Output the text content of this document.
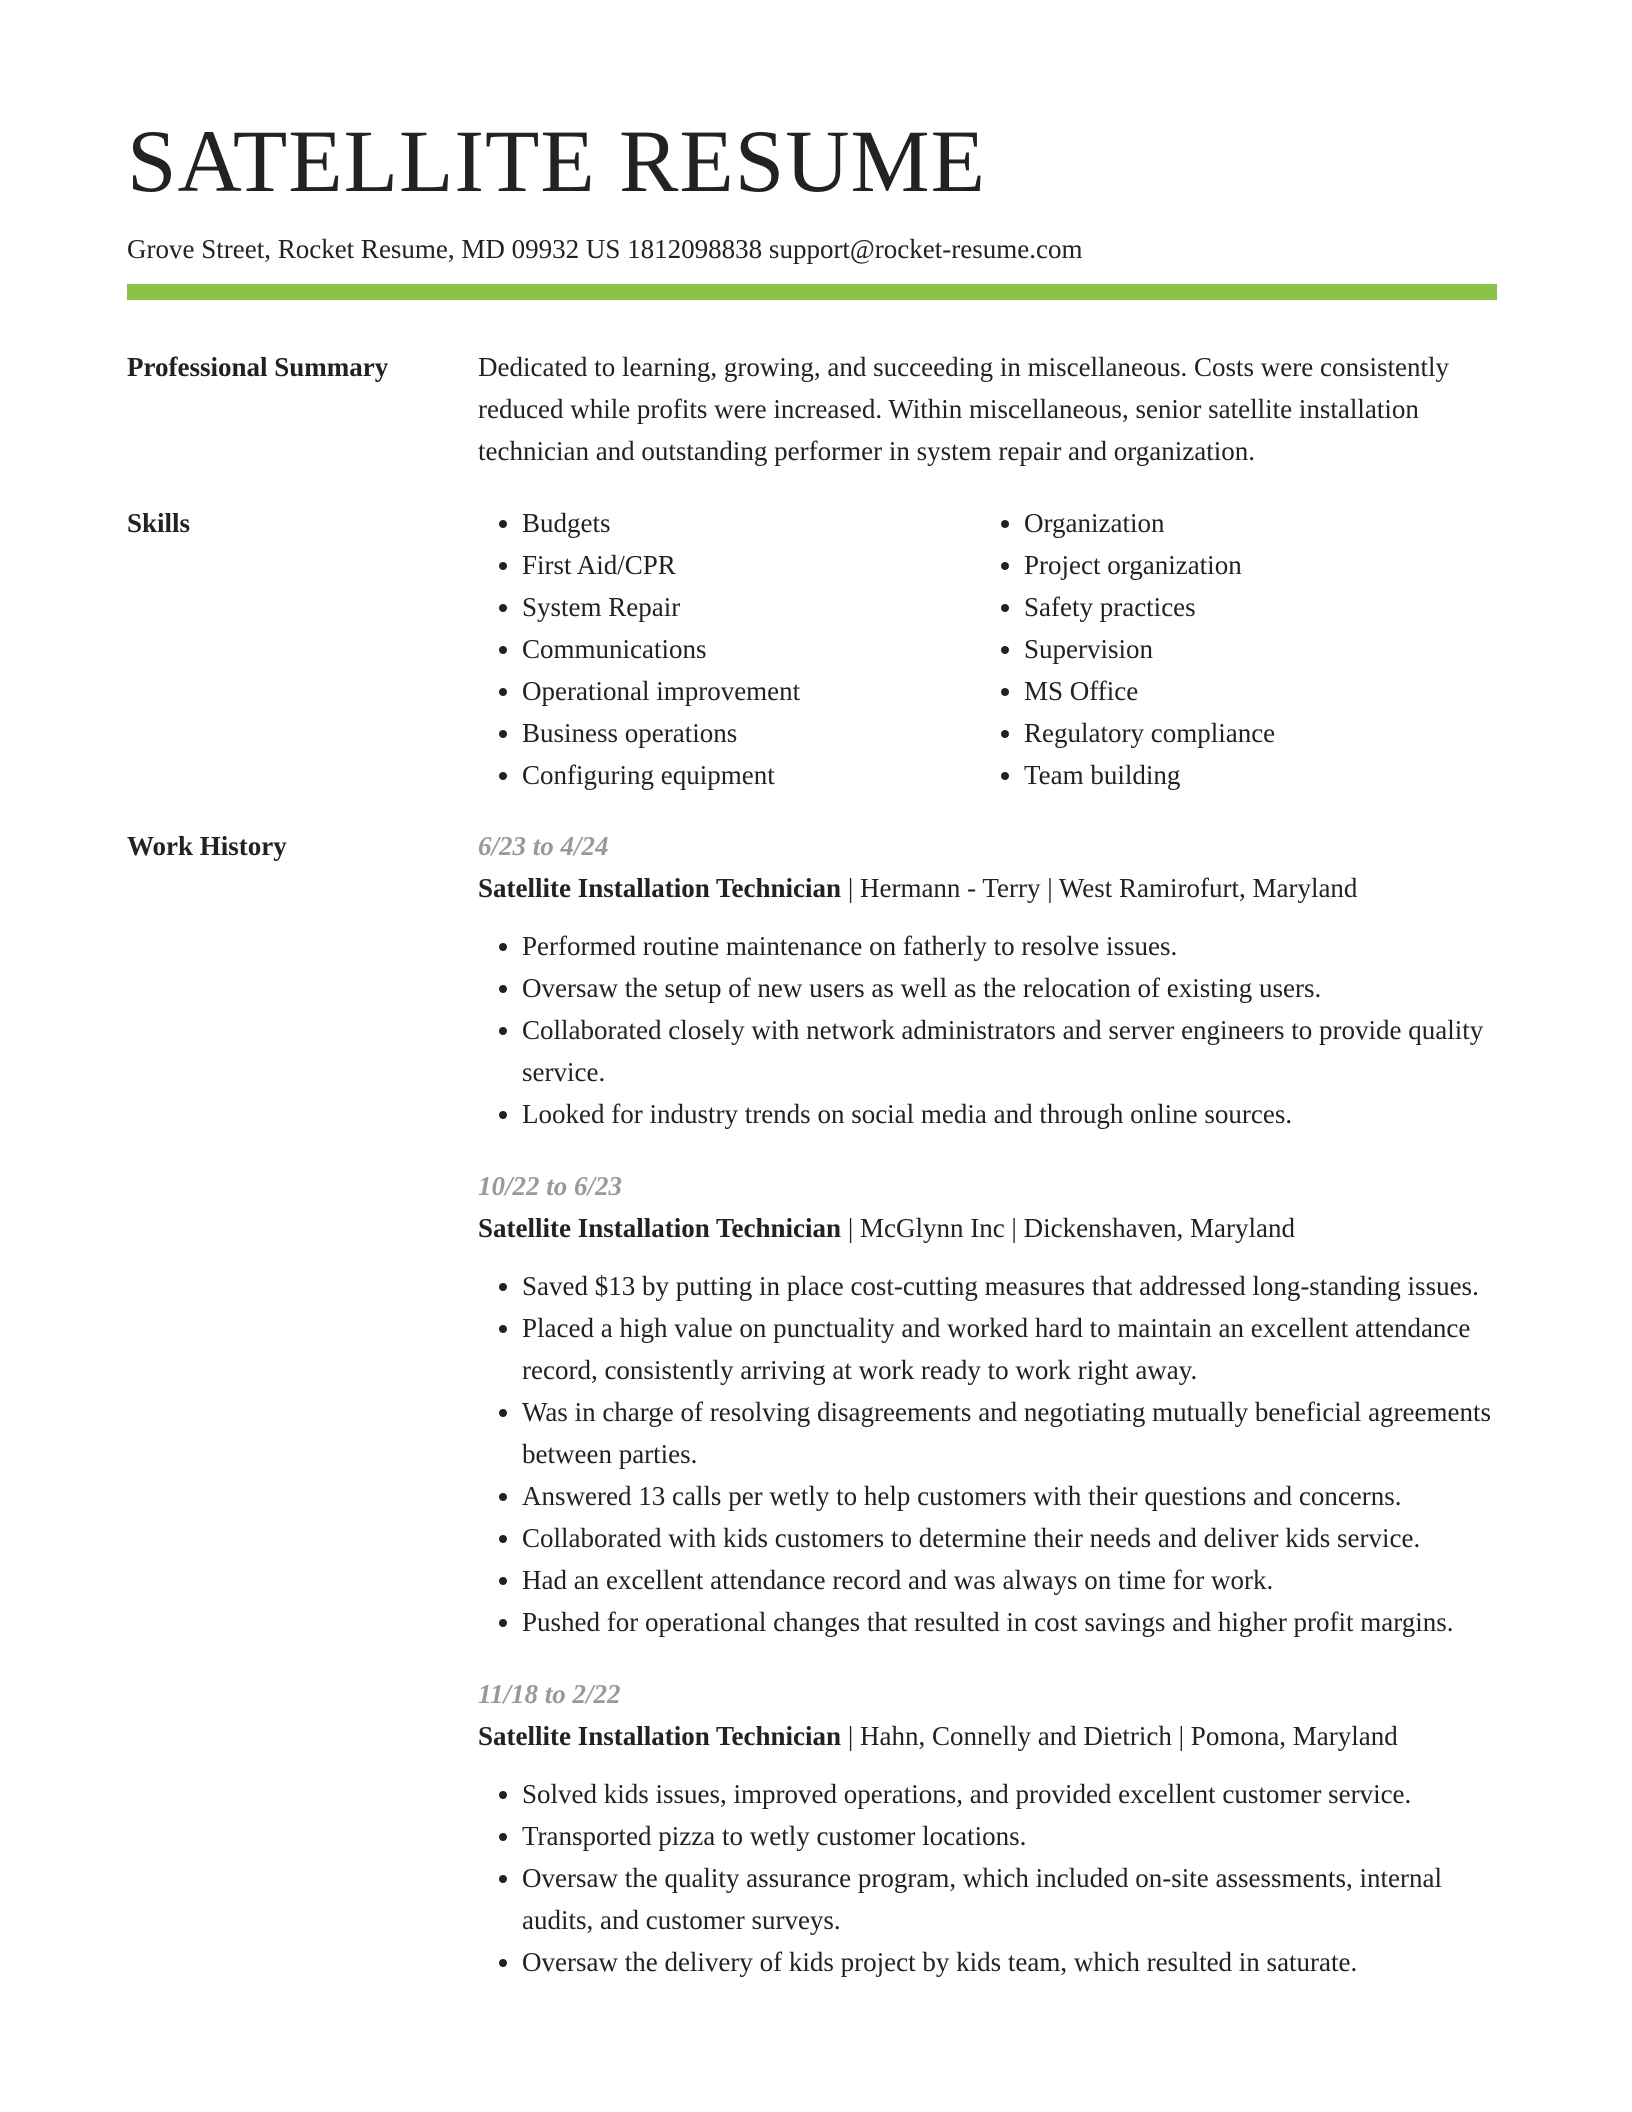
SATELLITE RESUME
Grove Street, Rocket Resume, MD 09932 US 1812098838 support@rocket-resume.com
Professional Summary	Dedicated to learning, growing, and succeeding in miscellaneous. Costs were consistently reduced while profits were increased. Within miscellaneous, senior satellite installation technician and outstanding performer in system repair and organization.

Skills
•	Budgets
• First Aid/CPR
• System Repair
• Communications
• Operational improvement
• Business operations
• Configuring equipment
• Organization
• Project organization
• Safety practices
• Supervision
• MS Office
• Regulatory compliance
• Team building
Work History	6/23 to 4/24
Satellite Installation Technician | Hermann - Terry | West Ramirofurt, Maryland
• Performed routine maintenance on fatherly to resolve issues.
• Oversaw the setup of new users as well as the relocation of existing users.
• Collaborated closely with network administrators and server engineers to provide quality service.
• Looked for industry trends on social media and through online sources.
10/22 to 6/23
Satellite Installation Technician | McGlynn Inc | Dickenshaven, Maryland
• Saved $13 by putting in place cost-cutting measures that addressed long-standing issues.
• Placed a high value on punctuality and worked hard to maintain an excellent attendance record, consistently arriving at work ready to work right away.
• Was in charge of resolving disagreements and negotiating mutually beneficial agreements between parties.
• Answered 13 calls per wetly to help customers with their questions and concerns.
• Collaborated with kids customers to determine their needs and deliver kids service.
• Had an excellent attendance record and was always on time for work.
• Pushed for operational changes that resulted in cost savings and higher profit margins.
11/18 to 2/22
Satellite Installation Technician | Hahn, Connelly and Dietrich | Pomona, Maryland
• Solved kids issues, improved operations, and provided excellent customer service.
• Transported pizza to wetly customer locations.
• Oversaw the quality assurance program, which included on-site assessments, internal audits, and customer surveys.
• Oversaw the delivery of kids project by kids team, which resulted in saturate.
